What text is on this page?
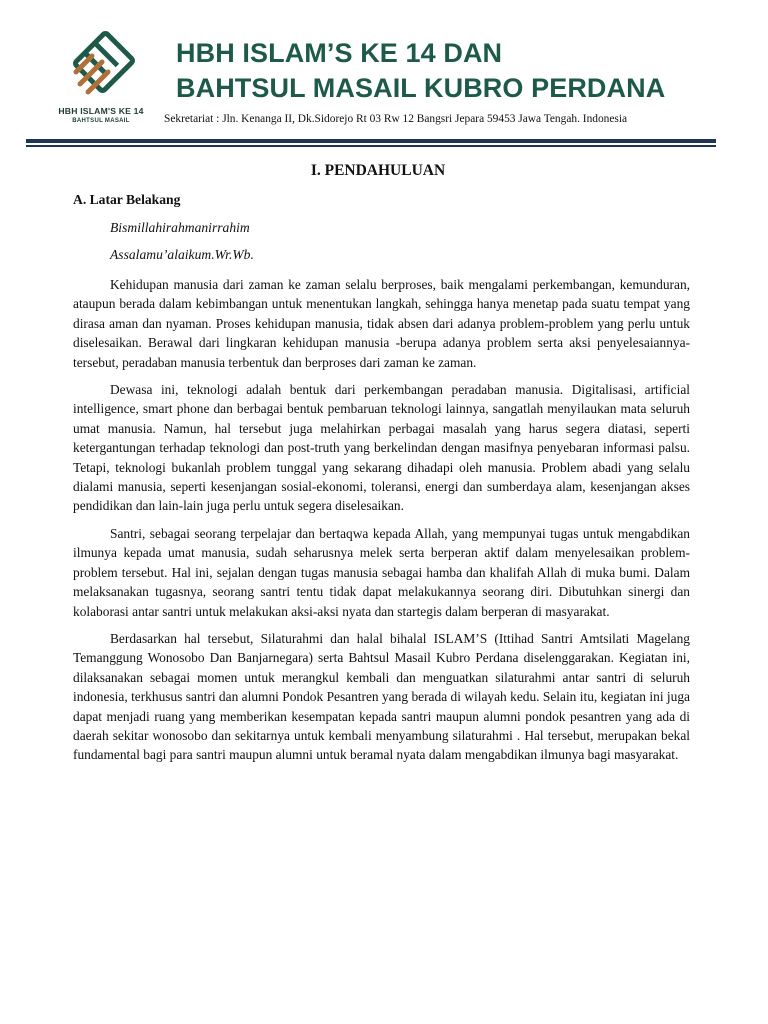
HBH ISLAM'S KE 14
BAHTSUL MASAIL
HBH ISLAM’S KE 14 DAN
BAHTSUL MASAIL KUBRO PERDANA
Sekretariat : Jln. Kenanga II, Dk.Sidorejo Rt 03 Rw 12 Bangsri Jepara 59453 Jawa Tengah. Indonesia
I. PENDAHULUAN
A. Latar Belakang

Bismillahirahmanirrahim

Assalamu’alaikum.Wr.Wb.

Kehidupan manusia dari zaman ke zaman selalu berproses, baik mengalami perkembangan, kemunduran, ataupun berada dalam kebimbangan untuk menentukan langkah, sehingga hanya menetap pada suatu tempat yang dirasa aman dan nyaman. Proses kehidupan manusia, tidak absen dari adanya problem-problem yang perlu untuk diselesaikan. Berawal dari lingkaran kehidupan manusia -berupa adanya problem serta aksi penyelesaiannya-tersebut, peradaban manusia terbentuk dan berproses dari zaman ke zaman.

Dewasa ini, teknologi adalah bentuk dari perkembangan peradaban manusia. Digitalisasi, artificial intelligence, smart phone dan berbagai bentuk pembaruan teknologi lainnya, sangatlah menyilaukan mata seluruh umat manusia. Namun, hal tersebut juga melahirkan perbagai masalah yang harus segera diatasi, seperti ketergantungan terhadap teknologi dan post-truth yang berkelindan dengan masifnya penyebaran informasi palsu. Tetapi, teknologi bukanlah problem tunggal yang sekarang dihadapi oleh manusia. Problem abadi yang selalu dialami manusia, seperti kesenjangan sosial-ekonomi, toleransi, energi dan sumberdaya alam, kesenjangan akses pendidikan dan lain-lain juga perlu untuk segera diselesaikan.

Santri, sebagai seorang terpelajar dan bertaqwa kepada Allah, yang mempunyai tugas untuk mengabdikan ilmunya kepada umat manusia, sudah seharusnya melek serta berperan aktif dalam menyelesaikan problem-problem tersebut. Hal ini, sejalan dengan tugas manusia sebagai hamba dan khalifah Allah di muka bumi. Dalam melaksanakan tugasnya, seorang santri tentu tidak dapat melakukannya seorang diri. Dibutuhkan sinergi dan kolaborasi antar santri untuk melakukan aksi-aksi nyata dan startegis dalam berperan di masyarakat.

Berdasarkan hal tersebut, Silaturahmi dan halal bihalal ISLAM’S (Ittihad Santri Amtsilati Magelang Temanggung Wonosobo Dan Banjarnegara) serta Bahtsul Masail Kubro Perdana diselenggarakan. Kegiatan ini, dilaksanakan sebagai momen untuk merangkul kembali dan menguatkan silaturahmi antar santri di seluruh indonesia, terkhusus santri dan alumni Pondok Pesantren yang berada di wilayah kedu. Selain itu, kegiatan ini juga dapat menjadi ruang yang memberikan kesempatan kepada santri maupun alumni pondok pesantren yang ada di daerah sekitar wonosobo dan sekitarnya untuk kembali menyambung silaturahmi . Hal tersebut, merupakan bekal fundamental bagi para santri maupun alumni untuk beramal nyata dalam mengabdikan ilmunya bagi masyarakat.
